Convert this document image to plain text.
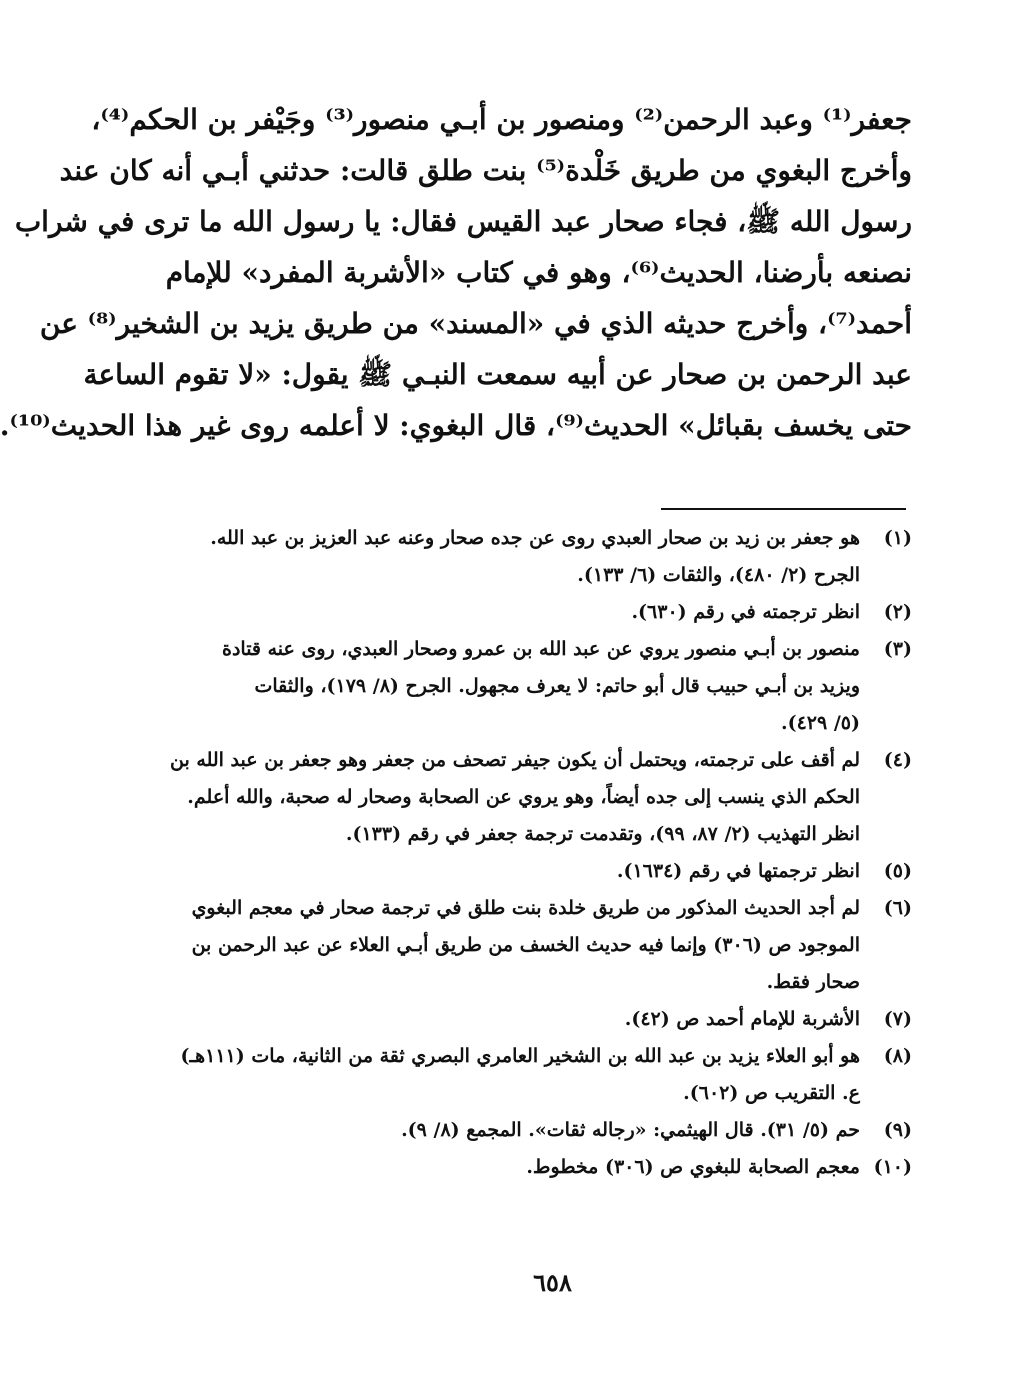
جعفر⁽¹⁾ وعبد الرحمن⁽²⁾ ومنصور بن أبـي منصور⁽³⁾ وجَيْفر بن الحكم⁽⁴⁾،
وأخرج البغوي من طريق خَلْدة⁽⁵⁾ بنت طلق قالت: حدثني أبـي أنه كان عند
رسول الله ﷺ، فجاء صحار عبد القيس فقال: يا رسول الله ما ترى في شراب
نصنعه بأرضنا، الحديث⁽⁶⁾، وهو في كتاب «الأشربة المفرد» للإمام
أحمد⁽⁷⁾، وأخرج حديثه الذي في «المسند» من طريق يزيد بن الشخير⁽⁸⁾ عن
عبد الرحمن بن صحار عن أبيه سمعت النبـي ﷺ يقول: «لا تقوم الساعة
حتى يخسف بقبائل» الحديث⁽⁹⁾، قال البغوي: لا أعلمه روى غير هذا الحديث⁽¹⁰⁾.
(١)
هو جعفر بن زيد بن صحار العبدي روى عن جده صحار وعنه عبد العزيز بن عبد الله.
الجرح (٢/ ٤٨٠)، والثقات (٦/ ١٣٣).
(٢)
انظر ترجمته في رقم (٦٣٠).
(٣)
منصور بن أبـي منصور يروي عن عبد الله بن عمرو وصحار العبدي، روى عنه قتادة
ويزيد بن أبـي حبيب قال أبو حاتم: لا يعرف مجهول. الجرح (٨/ ١٧٩)، والثقات
(٥/ ٤٢٩).
(٤)
لم أقف على ترجمته، ويحتمل أن يكون جيفر تصحف من جعفر وهو جعفر بن عبد الله بن
الحكم الذي ينسب إلى جده أيضاً، وهو يروي عن الصحابة وصحار له صحبة، والله أعلم.
انظر التهذيب (٢/ ٨٧، ٩٩)، وتقدمت ترجمة جعفر في رقم (١٣٣).
(٥)
انظر ترجمتها في رقم (١٦٣٤).
(٦)
لم أجد الحديث المذكور من طريق خلدة بنت طلق في ترجمة صحار في معجم البغوي
الموجود ص (٣٠٦) وإنما فيه حديث الخسف من طريق أبـي العلاء عن عبد الرحمن بن
صحار فقط.
(٧)
الأشربة للإمام أحمد ص (٤٢).
(٨)
هو أبو العلاء يزيد بن عبد الله بن الشخير العامري البصري ثقة من الثانية، مات (١١١هـ)
ع. التقريب ص (٦٠٢).
(٩)
حم (٥/ ٣١). قال الهيثمي: «رجاله ثقات». المجمع (٨/ ٩).
(١٠)
معجم الصحابة للبغوي ص (٣٠٦) مخطوط.
٦٥٨
